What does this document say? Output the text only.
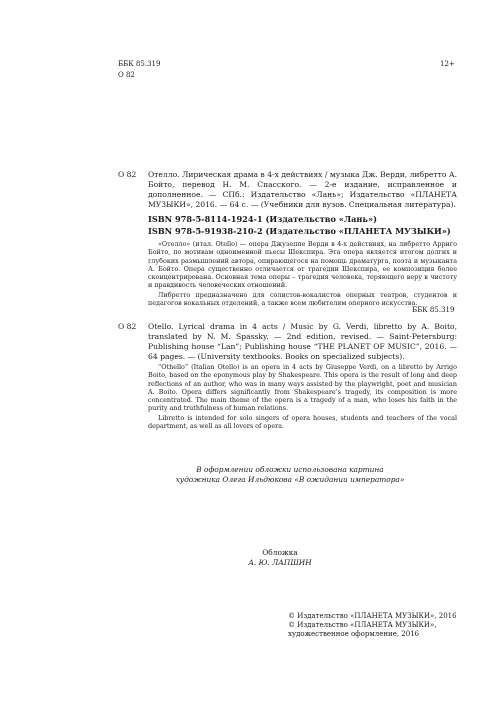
ББК 85.319
О 82
12+
О 82 Отелло. Лирическая драма в 4-х действиях / музыка Дж. Верди, либретто А. Бойто, перевод Н. М. Спасского. — 2-е издание, исправленное и дополненное. — СПб.: Издательство «Лань»; Издательство «ПЛАНЕТА МУЗЫКИ», 2016. — 64 с. — (Учебники для вузов. Специальная литература).
ISBN 978-5-8114-1924-1 (Издательство «Лань»)
ISBN 978-5-91938-210-2 (Издательство «ПЛАНЕТА МУЗЫКИ»)

«Отелло» (итал. Otello) — опера Джузеппе Верди в 4-х действиях, на либретто Арриго Бойто, по мотивам одноименной пьесы Шекспира. Эта опера является итогом долгих и глубоких размышлений автора, опирающегося на помощь драматурга, поэта и музыканта А. Бойто. Опера существенно отличается от трагедии Шекспира, ее композиция более сконцентрирована. Основная тема оперы – трагедия человека, теряющего веру в чистоту и правдивость человеческих отношений.

Либретто предназначено для солистов-вокалистов оперных театров, студентов и педагогов вокальных отделений, а также всем любителям оперного искусства.

ББК 85.319
O 82 Otello. Lyrical drama in 4 acts / Music by G. Verdi, libretto by A. Boito, translated by N. M. Spassky. — 2nd edition, revised. — Saint-Petersburg: Publishing house “Lan”; Publishing house “THE PLANET OF MUSIC”, 2016. — 64 pages. — (University textbooks. Books on specialized subjects).

“Othello” (Italian Otello) is an opera in 4 acts by Giuseppe Verdi, on a libretto by Arrigo Boito, based on the eponymous play by Shakespeare. This opera is the result of long and deep reflections of an author, who was in many ways assisted by the playwright, poet and musician A. Boito. Opera differs significantly from Shakespeare’s tragedy, its composition is more concentrated. The main theme of the opera is a tragedy of a man, who loses his faith in the purity and truthfulness of human relations.

Libretto is intended for solo singers of opera houses, students and teachers of the vocal department, as well as all lovers of opera.

В оформлении обложки использована картина
художника Олега Ильдюкова «В ожидании императора»
Обложка
А. Ю. ЛАПШИН
© Издательство «ПЛАНЕТА МУЗЫКИ», 2016
© Издательство «ПЛАНЕТА МУЗЫКИ», художественное оформление, 2016
